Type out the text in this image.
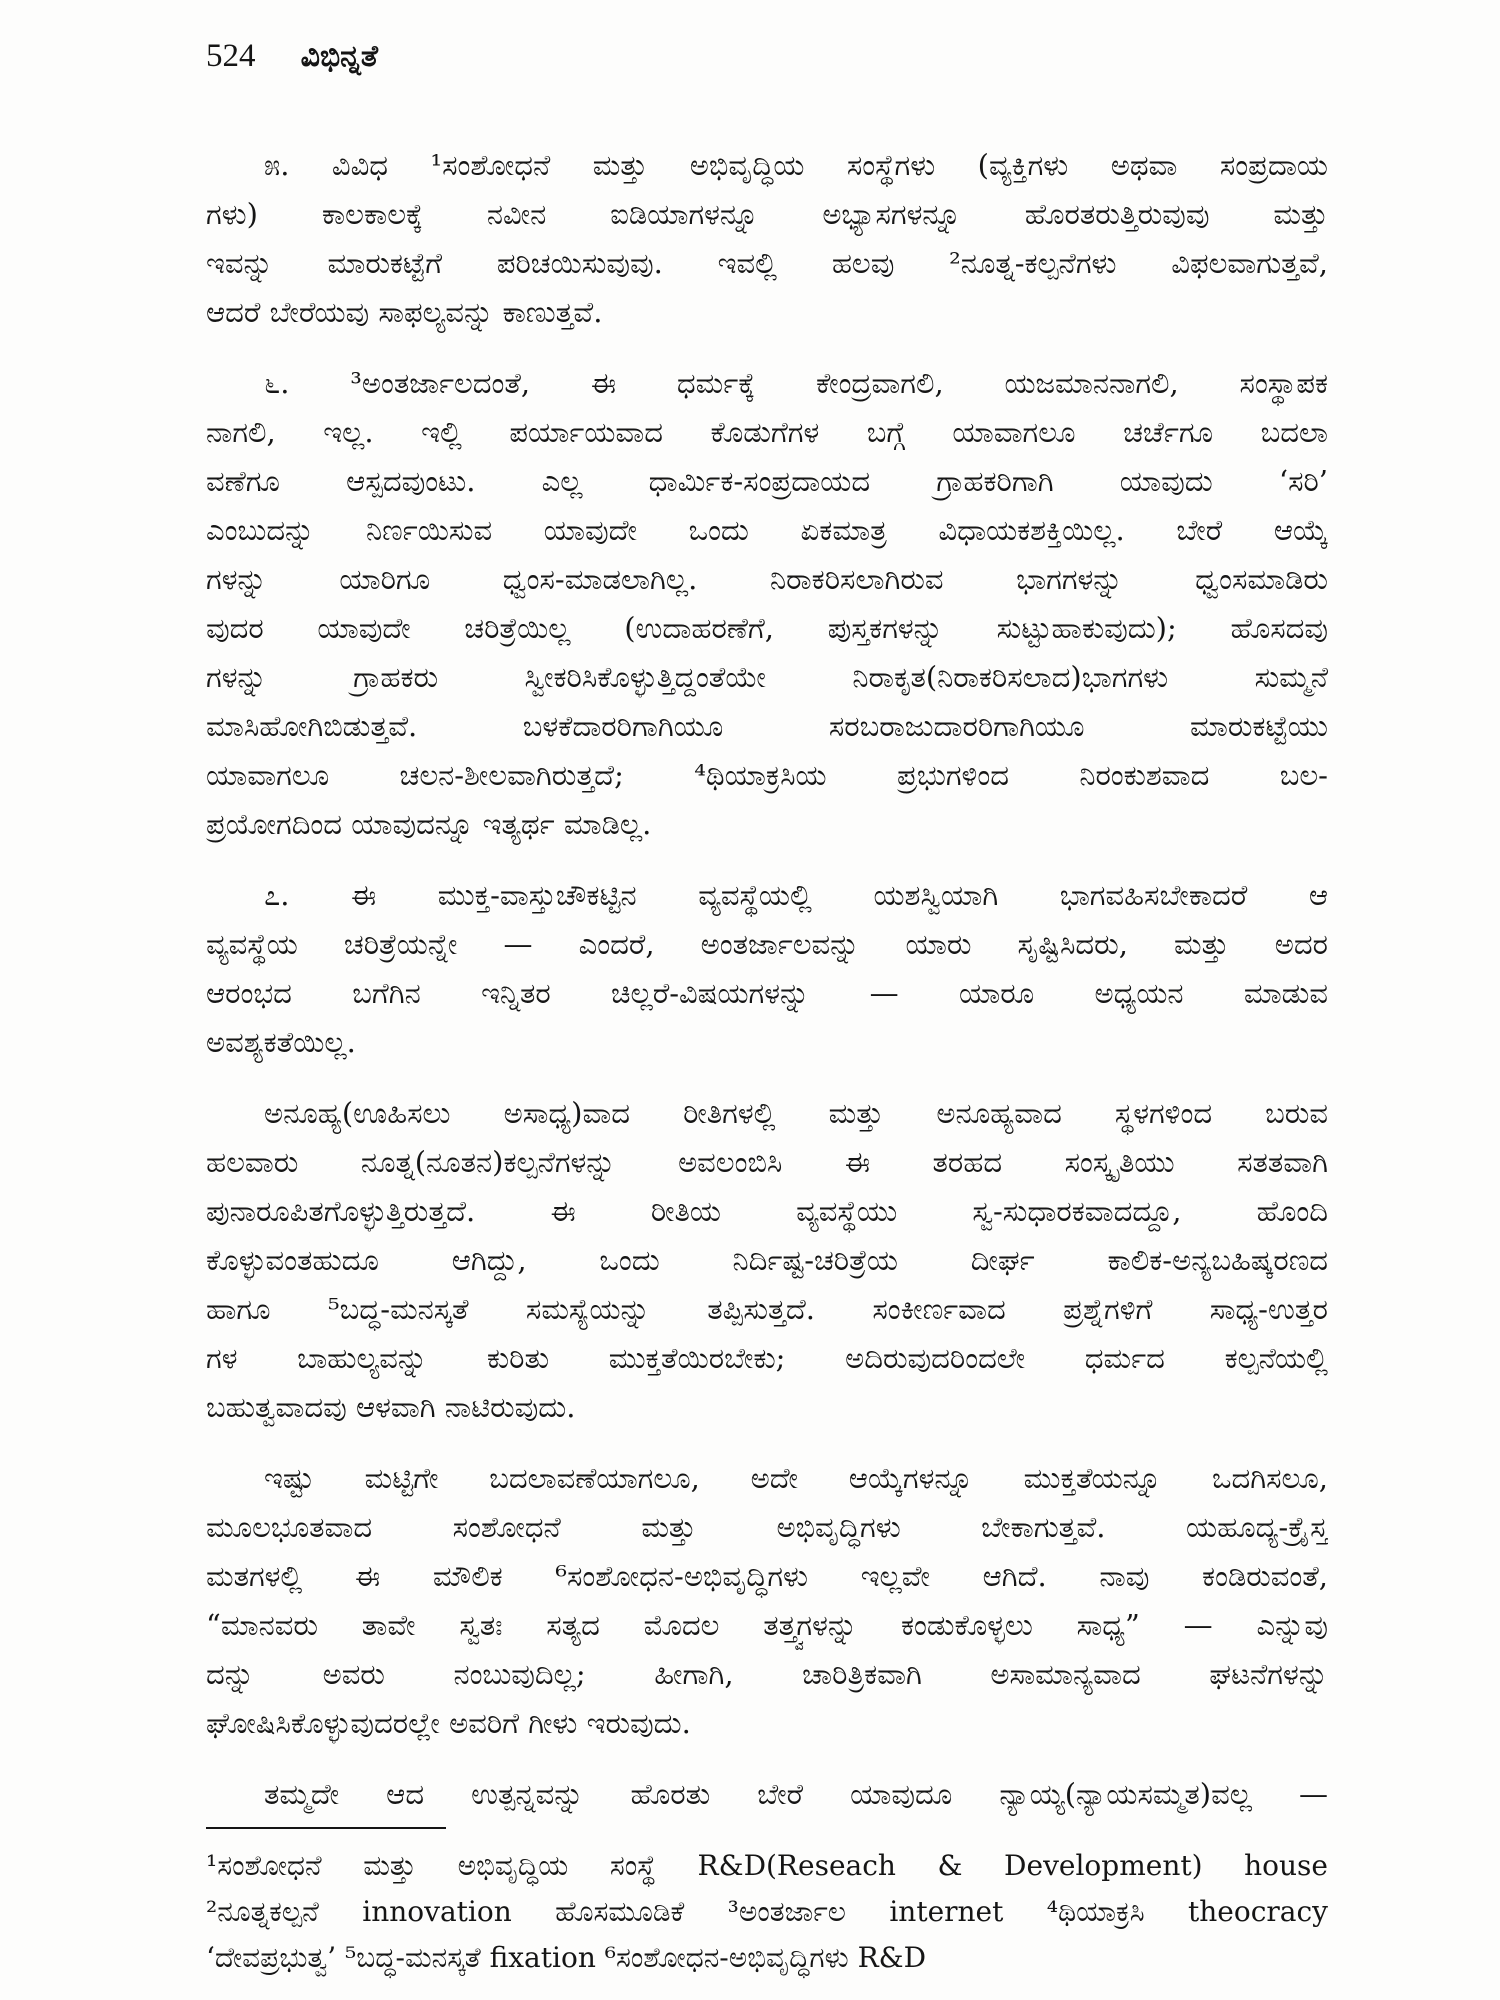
524 ವಿಭಿನ್ನತೆ
೫. ವಿವಿಧ ¹ಸಂಶೋಧನೆ ಮತ್ತು ಅಭಿವೃದ್ಧಿಯ ಸಂಸ್ಥೆಗಳು (ವ್ಯಕ್ತಿಗಳು ಅಥವಾ ಸಂಪ್ರದಾಯ
ಗಳು) ಕಾಲಕಾಲಕ್ಕೆ ನವೀನ ಐಡಿಯಾಗಳನ್ನೂ ಅಭ್ಯಾಸಗಳನ್ನೂ ಹೊರತರುತ್ತಿರುವುವು ಮತ್ತು
ಇವನ್ನು ಮಾರುಕಟ್ಟೆಗೆ ಪರಿಚಯಿಸುವುವು. ಇವಲ್ಲಿ ಹಲವು ²ನೂತ್ನ-ಕಲ್ಪನೆಗಳು ವಿಫಲವಾಗುತ್ತವೆ,
ಆದರೆ ಬೇರೆಯವು ಸಾಫಲ್ಯವನ್ನು ಕಾಣುತ್ತವೆ.
೬. ³ಅಂತರ್ಜಾಲದಂತೆ, ಈ ಧರ್ಮಕ್ಕೆ ಕೇಂದ್ರವಾಗಲಿ, ಯಜಮಾನನಾಗಲಿ, ಸಂಸ್ಥಾಪಕ
ನಾಗಲಿ, ಇಲ್ಲ. ಇಲ್ಲಿ ಪರ್ಯಾಯವಾದ ಕೊಡುಗೆಗಳ ಬಗ್ಗೆ ಯಾವಾಗಲೂ ಚರ್ಚೆಗೂ ಬದಲಾ
ವಣೆಗೂ ಆಸ್ಪದವುಂಟು. ಎಲ್ಲ ಧಾರ್ಮಿಕ-ಸಂಪ್ರದಾಯದ ಗ್ರಾಹಕರಿಗಾಗಿ ಯಾವುದು ‘ಸರಿ’
ಎಂಬುದನ್ನು ನಿರ್ಣಯಿಸುವ ಯಾವುದೇ ಒಂದು ಏಕಮಾತ್ರ ವಿಧಾಯಕಶಕ್ತಿಯಿಲ್ಲ. ಬೇರೆ ಆಯ್ಕೆ
ಗಳನ್ನು ಯಾರಿಗೂ ಧ್ವಂಸ-ಮಾಡಲಾಗಿಲ್ಲ. ನಿರಾಕರಿಸಲಾಗಿರುವ ಭಾಗಗಳನ್ನು ಧ್ವಂಸಮಾಡಿರು
ವುದರ ಯಾವುದೇ ಚರಿತ್ರೆಯಿಲ್ಲ (ಉದಾಹರಣೆಗೆ, ಪುಸ್ತಕಗಳನ್ನು ಸುಟ್ಟುಹಾಕುವುದು); ಹೊಸದವು
ಗಳನ್ನು ಗ್ರಾಹಕರು ಸ್ವೀಕರಿಸಿಕೊಳ್ಳುತ್ತಿದ್ದಂತೆಯೇ ನಿರಾಕೃತ(ನಿರಾಕರಿಸಲಾದ)ಭಾಗಗಳು ಸುಮ್ಮನೆ
ಮಾಸಿಹೋಗಿಬಿಡುತ್ತವೆ. ಬಳಕೆದಾರರಿಗಾಗಿಯೂ ಸರಬರಾಜುದಾರರಿಗಾಗಿಯೂ ಮಾರುಕಟ್ಟೆಯು
ಯಾವಾಗಲೂ ಚಲನ-ಶೀಲವಾಗಿರುತ್ತದೆ; ⁴ಥಿಯಾಕ್ರಸಿಯ ಪ್ರಭುಗಳಿಂದ ನಿರಂಕುಶವಾದ ಬಲ-
ಪ್ರಯೋಗದಿಂದ ಯಾವುದನ್ನೂ ಇತ್ಯರ್ಥ ಮಾಡಿಲ್ಲ.
೭. ಈ ಮುಕ್ತ-ವಾಸ್ತುಚೌಕಟ್ಟಿನ ವ್ಯವಸ್ಥೆಯಲ್ಲಿ ಯಶಸ್ವಿಯಾಗಿ ಭಾಗವಹಿಸಬೇಕಾದರೆ ಆ
ವ್ಯವಸ್ಥೆಯ ಚರಿತ್ರೆಯನ್ನೇ — ಎಂದರೆ, ಅಂತರ್ಜಾಲವನ್ನು ಯಾರು ಸೃಷ್ಟಿಸಿದರು, ಮತ್ತು ಅದರ
ಆರಂಭದ ಬಗೆಗಿನ ಇನ್ನಿತರ ಚಿಲ್ಲರೆ-ವಿಷಯಗಳನ್ನು — ಯಾರೂ ಅಧ್ಯಯನ ಮಾಡುವ
ಅವಶ್ಯಕತೆಯಿಲ್ಲ.
ಅನೂಹ್ಯ(ಊಹಿಸಲು ಅಸಾಧ್ಯ)ವಾದ ರೀತಿಗಳಲ್ಲಿ ಮತ್ತು ಅನೂಹ್ಯವಾದ ಸ್ಥಳಗಳಿಂದ ಬರುವ
ಹಲವಾರು ನೂತ್ನ(ನೂತನ)ಕಲ್ಪನೆಗಳನ್ನು ಅವಲಂಬಿಸಿ ಈ ತರಹದ ಸಂಸ್ಕೃತಿಯು ಸತತವಾಗಿ
ಪುನಾರೂಪಿತಗೊಳ್ಳುತ್ತಿರುತ್ತದೆ. ಈ ರೀತಿಯ ವ್ಯವಸ್ಥೆಯು ಸ್ವ-ಸುಧಾರಕವಾದದ್ದೂ, ಹೊಂದಿ
ಕೊಳ್ಳುವಂತಹುದೂ ಆಗಿದ್ದು, ಒಂದು ನಿರ್ದಿಷ್ಟ-ಚರಿತ್ರೆಯ ದೀರ್ಘ ಕಾಲಿಕ-ಅನ್ಯಬಹಿಷ್ಕರಣದ
ಹಾಗೂ ⁵ಬದ್ಧ-ಮನಸ್ಕತೆ ಸಮಸ್ಯೆಯನ್ನು ತಪ್ಪಿಸುತ್ತದೆ. ಸಂಕೀರ್ಣವಾದ ಪ್ರಶ್ನೆಗಳಿಗೆ ಸಾಧ್ಯ-ಉತ್ತರ
ಗಳ ಬಾಹುಲ್ಯವನ್ನು ಕುರಿತು ಮುಕ್ತತೆಯಿರಬೇಕು; ಅದಿರುವುದರಿಂದಲೇ ಧರ್ಮದ ಕಲ್ಪನೆಯಲ್ಲಿ
ಬಹುತ್ವವಾದವು ಆಳವಾಗಿ ನಾಟಿರುವುದು.
ಇಷ್ಟು ಮಟ್ಟಿಗೇ ಬದಲಾವಣೆಯಾಗಲೂ, ಅದೇ ಆಯ್ಕೆಗಳನ್ನೂ ಮುಕ್ತತೆಯನ್ನೂ ಒದಗಿಸಲೂ,
ಮೂಲಭೂತವಾದ ಸಂಶೋಧನೆ ಮತ್ತು ಅಭಿವೃದ್ಧಿಗಳು ಬೇಕಾಗುತ್ತವೆ. ಯಹೂದ್ಯ-ಕ್ರೈಸ್ತ
ಮತಗಳಲ್ಲಿ ಈ ಮೌಲಿಕ ⁶ಸಂಶೋಧನ-ಅಭಿವೃದ್ಧಿಗಳು ಇಲ್ಲವೇ ಆಗಿದೆ. ನಾವು ಕಂಡಿರುವಂತೆ,
“ಮಾನವರು ತಾವೇ ಸ್ವತಃ ಸತ್ಯದ ಮೊದಲ ತತ್ತ್ವಗಳನ್ನು ಕಂಡುಕೊಳ್ಳಲು ಸಾಧ್ಯ” — ಎನ್ನುವು
ದನ್ನು ಅವರು ನಂಬುವುದಿಲ್ಲ; ಹೀಗಾಗಿ, ಚಾರಿತ್ರಿಕವಾಗಿ ಅಸಾಮಾನ್ಯವಾದ ಘಟನೆಗಳನ್ನು
ಘೋಷಿಸಿಕೊಳ್ಳುವುದರಲ್ಲೇ ಅವರಿಗೆ ಗೀಳು ಇರುವುದು.
ತಮ್ಮದೇ ಆದ ಉತ್ಪನ್ನವನ್ನು ಹೊರತು ಬೇರೆ ಯಾವುದೂ ನ್ಯಾಯ್ಯ(ನ್ಯಾಯಸಮ್ಮತ)ವಲ್ಲ —
¹ಸಂಶೋಧನೆ ಮತ್ತು ಅಭಿವೃದ್ಧಿಯ ಸಂಸ್ಥೆ R&D(Reseach & Development) house
²ನೂತ್ನಕಲ್ಪನೆ innovation ಹೊಸಮೂಡಿಕೆ ³ಅಂತರ್ಜಾಲ internet ⁴ಥಿಯಾಕ್ರಸಿ theocracy
‘ದೇವಪ್ರಭುತ್ವ’ ⁵ಬದ್ಧ-ಮನಸ್ಕತೆ fixation ⁶ಸಂಶೋಧನ-ಅಭಿವೃದ್ಧಿಗಳು R&D
